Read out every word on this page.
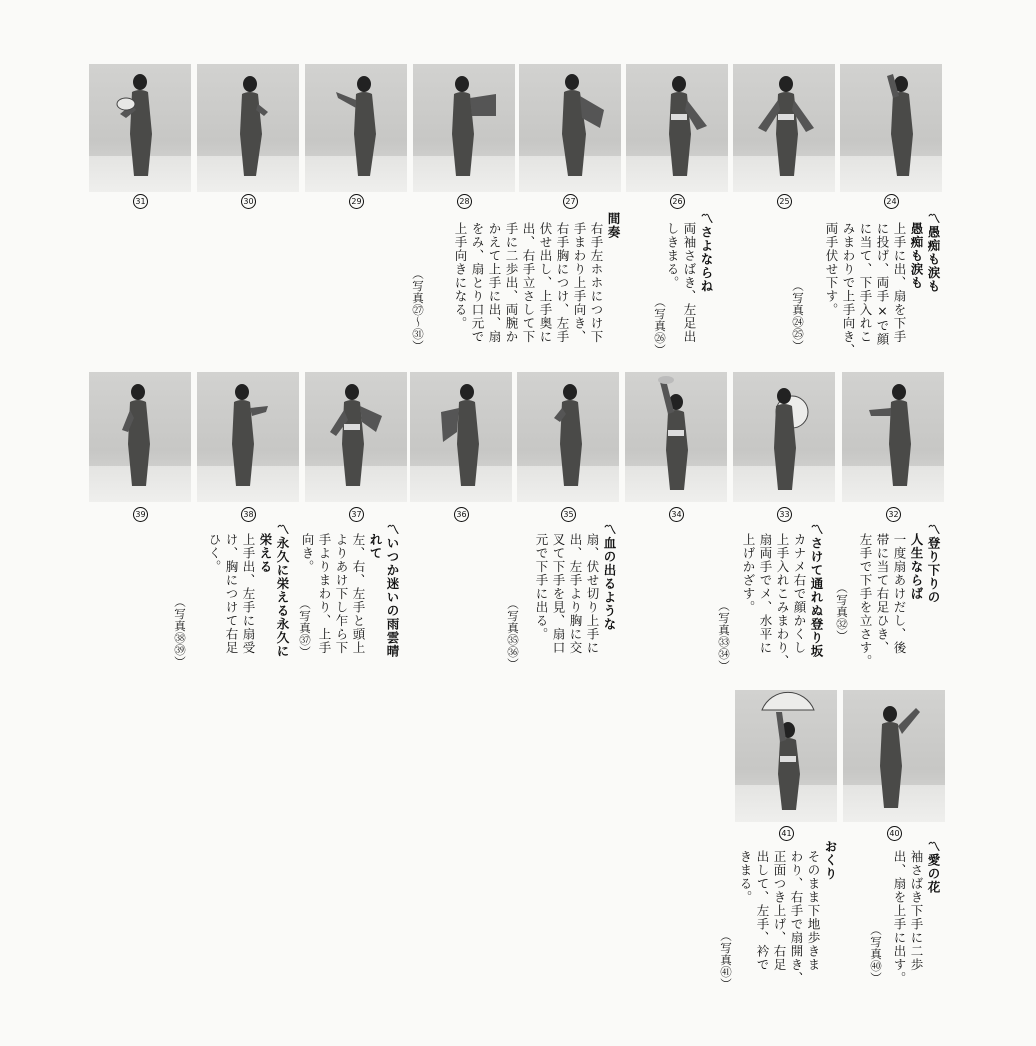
31	30	29	28	27	26	25	24
39	38	37	36	35	34	33	32
41	40
〽愚痴も涙も
愚痴も涙も
上手に出、扇を下手
に投げ、両手×で顔
に当て、下手入れこ
みまわりで上手向き、
両手伏せ下す。
（写真㉔㉕）
〽さよならね
両袖さばき、左足出
しきまる。
（写真㉖）
間奏
右手左ホホにつけ下
手まわり上手向き、
右手胸につけ、左手
伏せ出し、上手奥に
出、右手立さして下
手に二歩出、両腕か
かえて上手に出、扇
をみ、扇とり口元で
上手向きになる。
（写真㉗～㉛）
〽登り下りの
人生ならば
一度扇あけだし、後
帯に当て右足ひき、
左手で下手を立さす。
（写真㉜）
〽さけて通れぬ登り坂
カナメ右で顔かくし
上手入れこみまわり、
扇両手でメ、水平に
上げかざす。
（写真㉝㉞）
〽血の出るような
扇、伏せ切り上手に
出、左手より胸に交
叉て下手を見、扇口
元で下手に出る。
（写真㉟㊱）
〽いつか迷いの雨雲晴
れて
左、右、左手と頭上
よりあけ下し乍ら下
手よりまわり、上手
向き。
（写真㊲）
〽永久に栄える永久に
栄える
上手出、左手に扇受
け、胸につけて右足
ひく。
（写真㊳㊴）
〽愛の花
袖さばき下手に二歩
出、扇を上手に出す。
（写真㊵）
おくり
そのまま下地歩きま
わり、右手で扇開き、
正面つき上げ、右足
出して、左手、衿で
きまる。
（写真㊶）
